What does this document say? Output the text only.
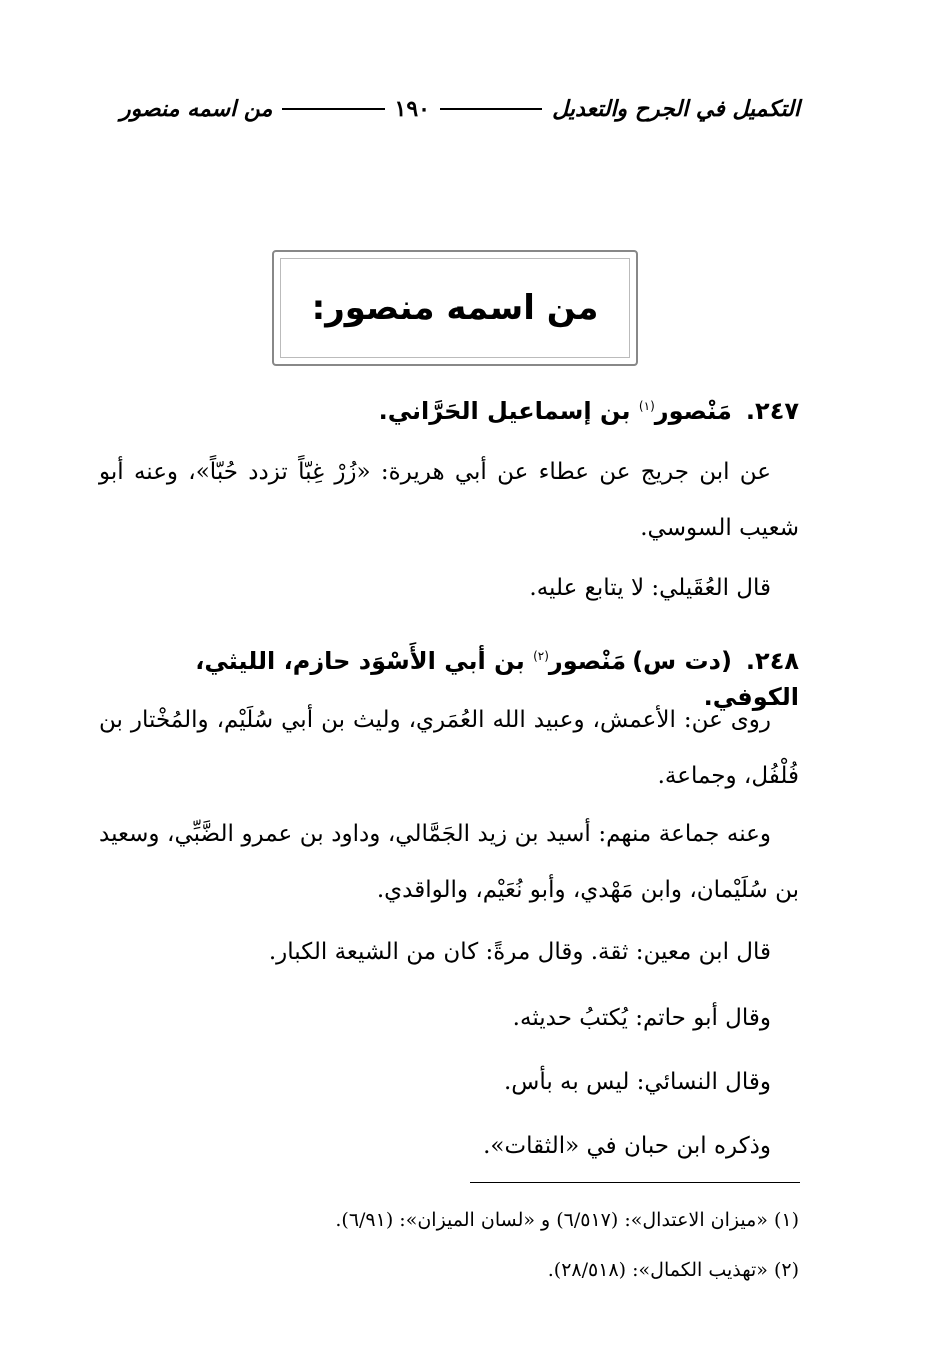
التكميل في الجرح والتعديل
١٩٠
من اسمه منصور
من اسمه منصور:
٢٤٧.مَنْصور$^{(١)}$ بن إسماعيل الحَرَّاني.
عن ابن جريج عن عطاء عن أبي هريرة: «زُرْ غِبّاً تزدد حُبّاً»، وعنه أبو شعيب السوسي.
قال العُقَيلي: لا يتابع عليه.
٢٤٨.(دت س)مَنْصور$^{(٢)}$ بن أبي الأَسْوَد حازم، الليثي، الكوفي.
روى عن: الأعمش، وعبيد الله العُمَري، وليث بن أبي سُلَيْم، والمُخْتار بن فُلْفُل، وجماعة.
وعنه جماعة منهم: أسيد بن زيد الجَمَّالي، وداود بن عمرو الضَّبِّي، وسعيد بن سُلَيْمان، وابن مَهْدي، وأبو نُعَيْم، والواقدي.
قال ابن معين: ثقة. وقال مرةً: كان من الشيعة الكبار.
وقال أبو حاتم: يُكتبُ حديثه.
وقال النسائي: ليس به بأس.
وذكره ابن حبان في «الثقات».
(١) «ميزان الاعتدال»: (٦/٥١٧) و «لسان الميزان»: (٦/٩١).
(٢) «تهذيب الكمال»: (٢٨/٥١٨).
